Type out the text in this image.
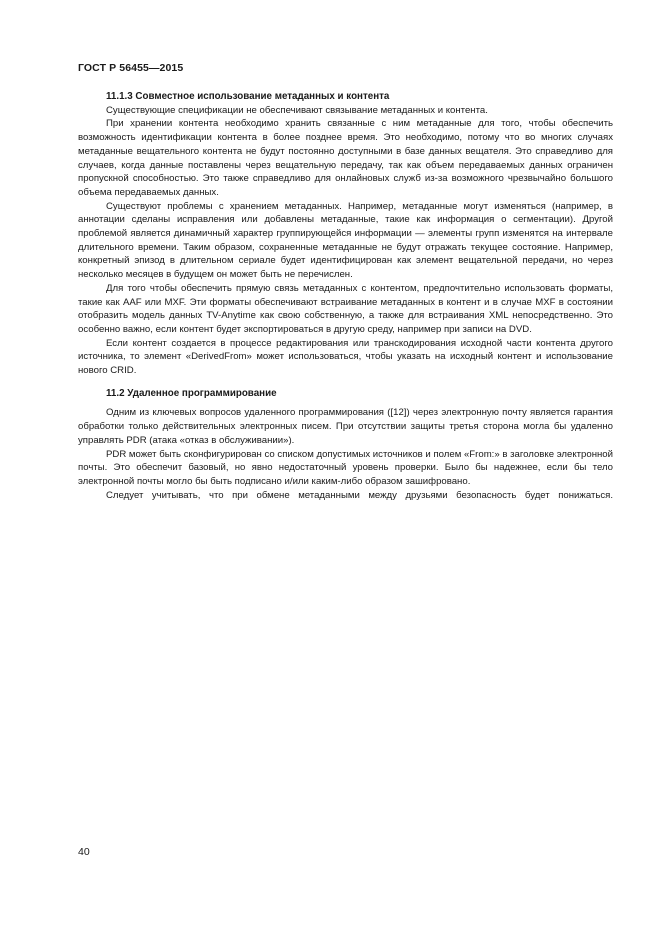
ГОСТ Р 56455—2015
11.1.3 Совместное использование метаданных и контента

Существующие спецификации не обеспечивают связывание метаданных и контента.

При хранении контента необходимо хранить связанные с ним метаданные для того, чтобы обеспечить возможность идентификации контента в более позднее время. Это необходимо, потому что во многих случаях метаданные вещательного контента не будут постоянно доступными в базе данных вещателя. Это справедливо для случаев, когда данные поставлены через вещательную передачу, так как объем передаваемых данных ограничен пропускной способностью. Это также справедливо для онлайновых служб из-за возможного чрезвычайно большого объема передаваемых данных.

Существуют проблемы с хранением метаданных. Например, метаданные могут изменяться (например, в аннотации сделаны исправления или добавлены метаданные, такие как информация о сегментации). Другой проблемой является динамичный характер группирующейся информации — элементы групп изменятся на интервале длительного времени. Таким образом, сохраненные метаданные не будут отражать текущее состояние. Например, конкретный эпизод в длительном сериале будет идентифицирован как элемент вещательной передачи, но через несколько месяцев в будущем он может быть не перечислен.

Для того чтобы обеспечить прямую связь метаданных с контентом, предпочтительно использовать форматы, такие как AAF или MXF. Эти форматы обеспечивают встраивание метаданных в контент и в случае MXF в состоянии отобразить модель данных TV-Anytime как свою собственную, а также для встраивания XML непосредственно. Это особенно важно, если контент будет экспортироваться в другую среду, например при записи на DVD.

Если контент создается в процессе редактирования или транскодирования исходной части контента другого источника, то элемент «DerivedFrom» может использоваться, чтобы указать на исходный контент и использование нового CRID.

11.2 Удаленное программирование

Одним из ключевых вопросов удаленного программирования ([12]) через электронную почту является гарантия обработки только действительных электронных писем. При отсутствии защиты третья сторона могла бы удаленно управлять PDR (атака «отказ в обслуживании»).

PDR может быть сконфигурирован со списком допустимых источников и полем «From:» в заголовке электронной почты. Это обеспечит базовый, но явно недостаточный уровень проверки. Было бы надежнее, если бы тело электронной почты могло бы быть подписано и/или каким-либо образом зашифровано.

Следует учитывать, что при обмене метаданными между друзьями безопасность будет понижаться.

40
